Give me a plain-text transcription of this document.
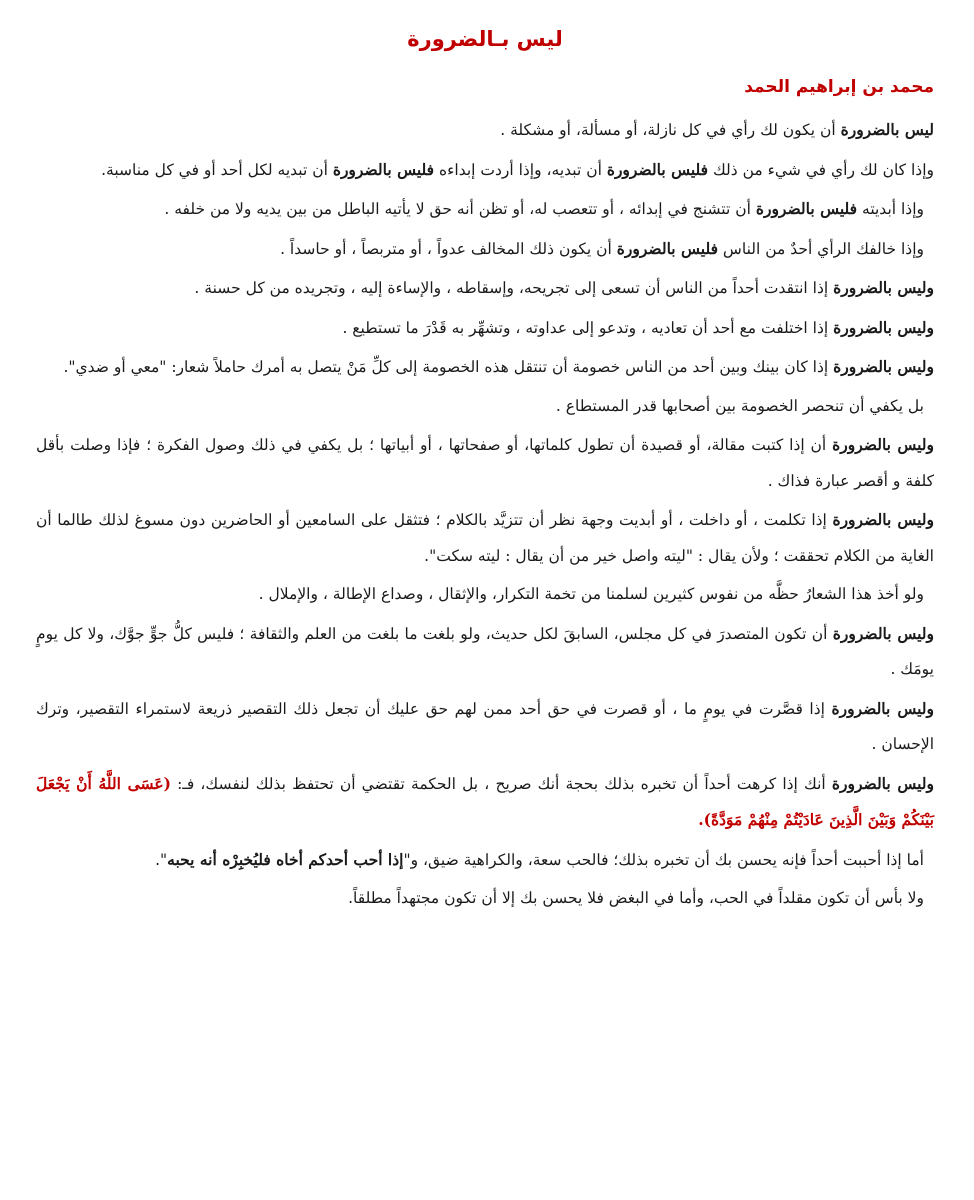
ليس بـالضرورة
محمد بن إبراهيم الحمد

ليس بالضرورة أن يكون لك رأي في كل نازلة، أو مسألة، أو مشكلة .

وإذا كان لك رأي في شيء من ذلك فليس بالضرورة أن تبديه، وإذا أردت إبداءه فليس بالضرورة أن تبديه لكل أحد أو في كل مناسبة.

وإذا أبديته فليس بالضرورة أن تتشنج في إبدائه ، أو تتعصب له، أو تظن أنه حق لا يأتيه الباطل من بين يديه ولا من خلفه .

وإذا خالفك الرأي أحدٌ من الناس فليس بالضرورة أن يكون ذلك المخالف عدواً ، أو متربصاً ، أو حاسداً .

وليس بالضرورة إذا انتقدت أحداً من الناس أن تسعى إلى تجريحه، وإسقاطه ، والإساءة إليه ، وتجريده من كل حسنة .

وليس بالضرورة إذا اختلفت مع أحد أن تعاديه ، وتدعو إلى عداوته ، وتشهِّر به قَدْرَ ما تستطيع .

وليس بالضرورة إذا كان بينك وبين أحد من الناس خصومة أن تنتقل هذه الخصومة إلى كلِّ مَنْ يتصل به أمرك حاملاً شعار: "معي أو ضدي".

بل يكفي أن تنحصر الخصومة بين أصحابها قدر المستطاع .

وليس بالضرورة أن إذا كتبت مقالة، أو قصيدة أن تطول كلماتها، أو صفحاتها ، أو أبياتها ؛ بل يكفي في ذلك وصول الفكرة ؛ فإذا وصلت بأقل كلفة و أقصر عبارة فذاك .

وليس بالضرورة إذا تكلمت ، أو داخلت ، أو أبديت وجهة نظر أن تتزيَّد بالكلام ؛ فتثقل على السامعين أو الحاضرين دون مسوغ لذلك طالما أن الغاية من الكلام تحققت ؛ ولأن يقال : "ليته واصل خير من أن يقال : ليته سكت".

ولو أخذ هذا الشعارُ حظَّه من نفوس كثيرين لسلمنا من تخمة التكرار، والإثقال ، وصداع الإطالة ، والإملال .

وليس بالضرورة أن تكون المتصدرَ في كل مجلس، السابقَ لكل حديث، ولو بلغت ما بلغت من العلم والثقافة ؛ فليس كلُّ جوٍّ جوَّك، ولا كل يومٍ يومَك .

وليس بالضرورة إذا قصَّرت في يومٍ ما ، أو قصرت في حق أحد ممن لهم حق عليك أن تجعل ذلك التقصير ذريعة لاستمراء التقصير، وترك الإحسان .

وليس بالضرورة أنك إذا كرهت أحداً أن تخبره بذلك بحجة أنك صريح ، بل الحكمة تقتضي أن تحتفظ بذلك لنفسك، فـ: (عَسَى اللَّهُ أَنْ يَجْعَلَ بَيْنَكُمْ وَبَيْنَ الَّذِينَ عَادَيْتُمْ مِنْهُمْ مَوَدَّةً).

أما إذا أحببت أحداً فإنه يحسن بك أن تخبره بذلك؛ فالحب سعة، والكراهية ضيق، و"إذا أحب أحدكم أخاه فليُخبِرْه أنه يحبه".

ولا بأس أن تكون مقلداً في الحب، وأما في البغض فلا يحسن بك إلا أن تكون مجتهداً مطلقاً.
